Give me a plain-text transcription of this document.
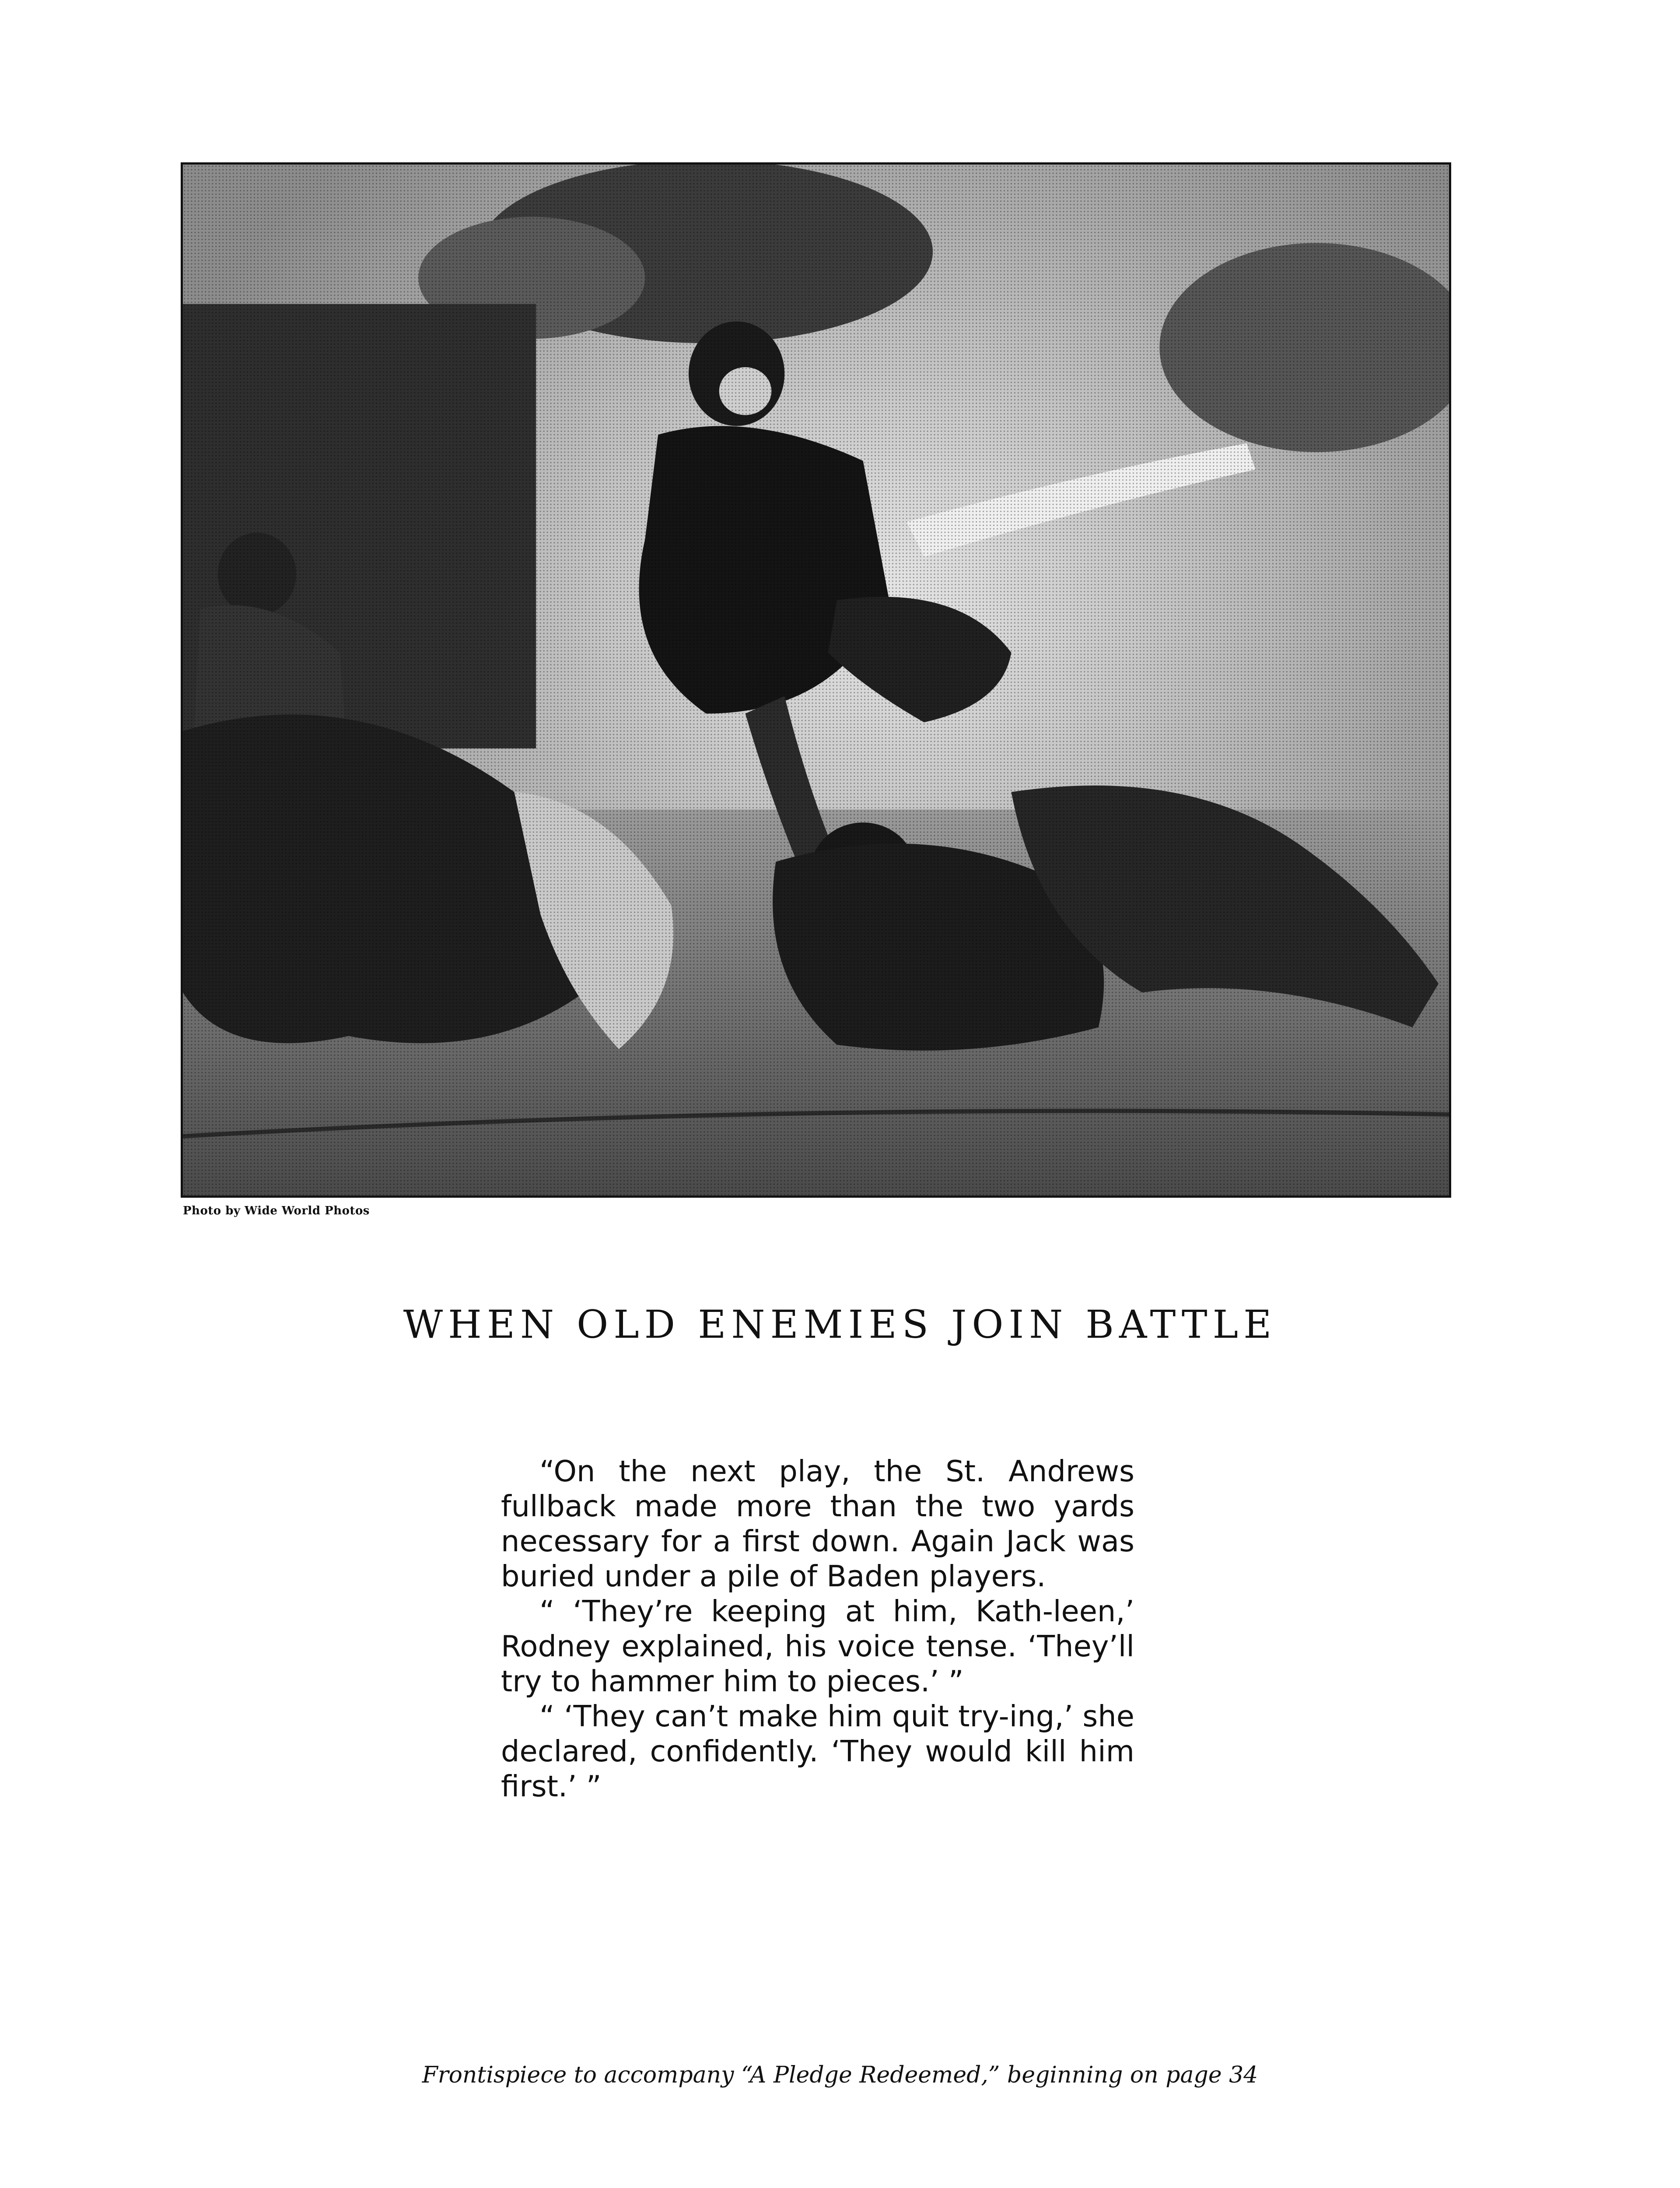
Photo by Wide World Photos
WHEN OLD ENEMIES JOIN BATTLE

“On the next play, the St. Andrews fullback made more than the two yards necessary for a first down. Again Jack was buried under a pile of Baden players.

“ ‘They’re keeping at him, Kath-leen,’ Rodney explained, his voice tense. ‘They’ll try to hammer him to pieces.’ ”

“ ‘They can’t make him quit try-ing,’ she declared, confidently. ‘They would kill him first.’ ”

Frontispiece to accompany “A Pledge Redeemed,” beginning on page 34
